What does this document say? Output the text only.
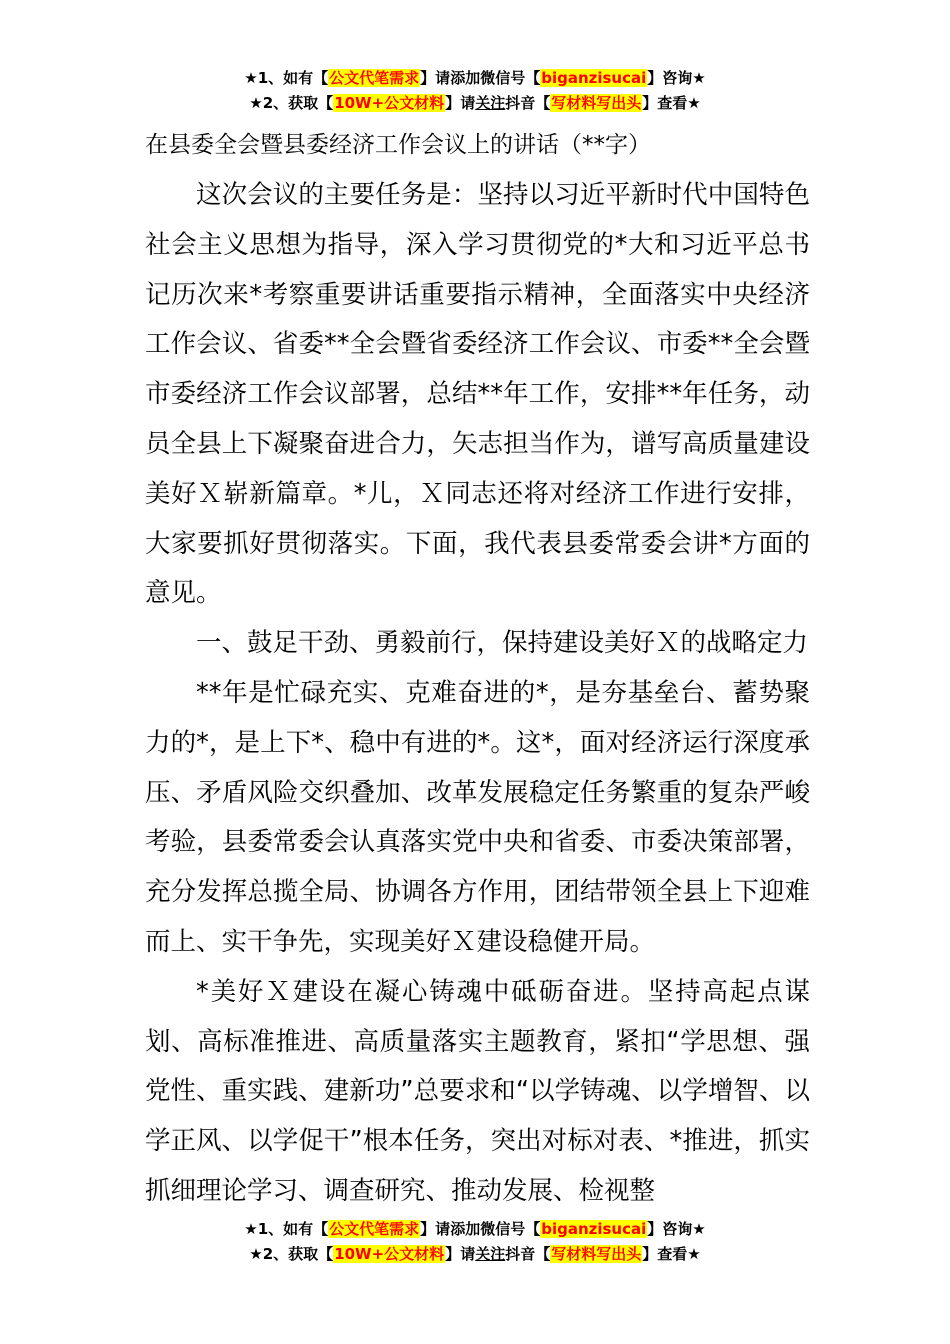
★1、如有【公文代笔需求】请添加微信号【biganzisucai】咨询★
★2、获取【10W+公文材料】请关注抖音【写材料写出头】查看★
在县委全会暨县委经济工作会议上的讲话（**字）

这次会议的主要任务是：坚持以习近平新时代中国特色社会主义思想为指导，深入学习贯彻党的*大和习近平总书记历次来*考察重要讲话重要指示精神，全面落实中央经济工作会议、省委**全会暨省委经济工作会议、市委**全会暨市委经济工作会议部署，总结**年工作，安排**年任务，动员全县上下凝聚奋进合力，矢志担当作为，谱写高质量建设美好Ｘ崭新篇章。*儿，Ｘ同志还将对经济工作进行安排，大家要抓好贯彻落实。下面，我代表县委常委会讲*方面的意见。

一、鼓足干劲、勇毅前行，保持建设美好Ｘ的战略定力

**年是忙碌充实、克难奋进的*，是夯基垒台、蓄势聚力的*，是上下*、稳中有进的*。这*，面对经济运行深度承压、矛盾风险交织叠加、改革发展稳定任务繁重的复杂严峻考验，县委常委会认真落实党中央和省委、市委决策部署，充分发挥总揽全局、协调各方作用，团结带领全县上下迎难而上、实干争先，实现美好Ｘ建设稳健开局。

*美好Ｘ建设在凝心铸魂中砥砺奋进。坚持高起点谋划、高标准推进、高质量落实主题教育，紧扣“学思想、强党性、重实践、建新功”总要求和“以学铸魂、以学增智、以学正风、以学促干”根本任务，突出对标对表、*推进，抓实抓细理论学习、调查研究、推动发展、检视整

★1、如有【公文代笔需求】请添加微信号【biganzisucai】咨询★
★2、获取【10W+公文材料】请关注抖音【写材料写出头】查看★
